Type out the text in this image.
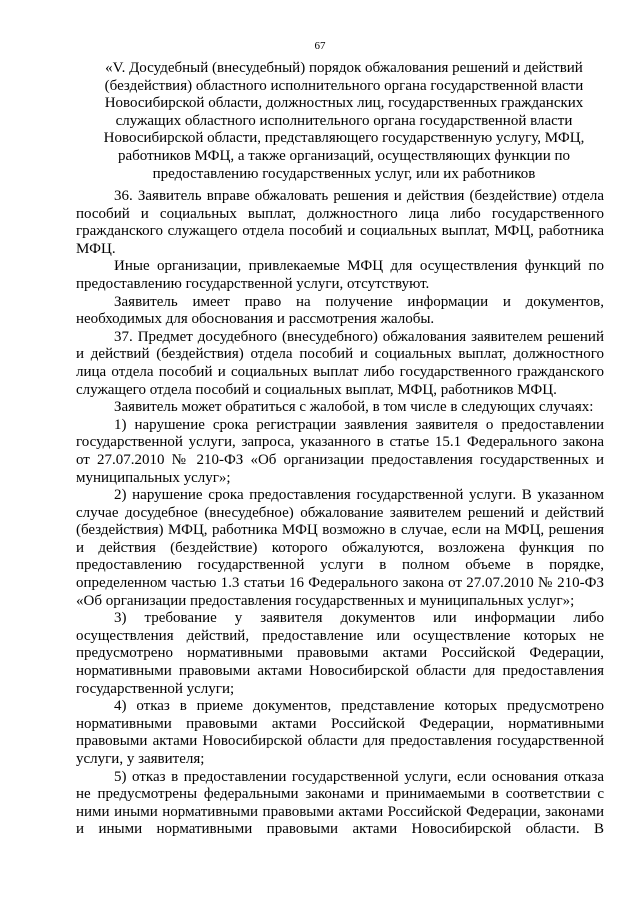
67
«V. Досудебный (внесудебный) порядок обжалования решений и действий (бездействия) областного исполнительного органа государственной власти Новосибирской области, должностных лиц, государственных гражданских служащих областного исполнительного органа государственной власти Новосибирской области, представляющего государственную услугу, МФЦ, работников МФЦ, а также организаций, осуществляющих функции по предоставлению государственных услуг, или их работников

36. Заявитель вправе обжаловать решения и действия (бездействие) отдела пособий и социальных выплат, должностного лица либо государственного гражданского служащего отдела пособий и социальных выплат, МФЦ, работника МФЦ.

Иные организации, привлекаемые МФЦ для осуществления функций по предоставлению государственной услуги, отсутствуют.

Заявитель имеет право на получение информации и документов, необходимых для обоснования и рассмотрения жалобы.

37. Предмет досудебного (внесудебного) обжалования заявителем решений и действий (бездействия) отдела пособий и социальных выплат, должностного лица отдела пособий и социальных выплат либо государственного гражданского служащего отдела пособий и социальных выплат, МФЦ, работников МФЦ.

Заявитель может обратиться с жалобой, в том числе в следующих случаях:

1) нарушение срока регистрации заявления заявителя о предоставлении государственной услуги, запроса, указанного в статье 15.1 Федерального закона от 27.07.2010 № 210-ФЗ «Об организации предоставления государственных и муниципальных услуг»;

2) нарушение срока предоставления государственной услуги. В указанном случае досудебное (внесудебное) обжалование заявителем решений и действий (бездействия) МФЦ, работника МФЦ возможно в случае, если на МФЦ, решения и действия (бездействие) которого обжалуются, возложена функция по предоставлению государственной услуги в полном объеме в порядке, определенном частью 1.3 статьи 16 Федерального закона от 27.07.2010 № 210-ФЗ «Об организации предоставления государственных и муниципальных услуг»;

3) требование у заявителя документов или информации либо осуществления действий, предоставление или осуществление которых не предусмотрено нормативными правовыми актами Российской Федерации, нормативными правовыми актами Новосибирской области для предоставления государственной услуги;

4) отказ в приеме документов, представление которых предусмотрено нормативными правовыми актами Российской Федерации, нормативными правовыми актами Новосибирской области для предоставления государственной услуги, у заявителя;

5) отказ в предоставлении государственной услуги, если основания отказа не предусмотрены федеральными законами и принимаемыми в соответствии с ними иными нормативными правовыми актами Российской Федерации, законами и иными нормативными правовыми актами Новосибирской области. В
